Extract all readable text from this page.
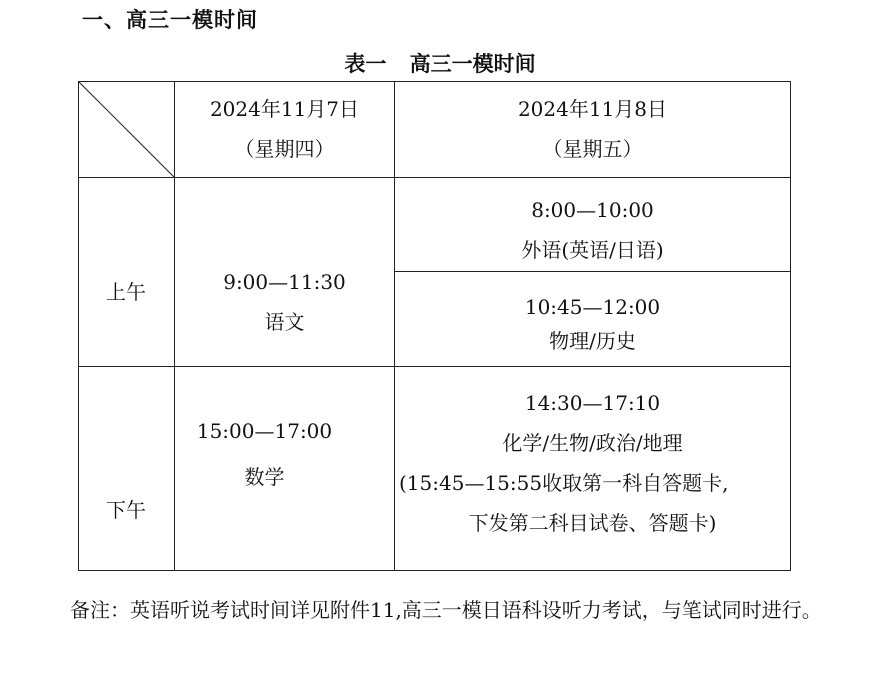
一、高三一模时间
表一 高三一模时间
2024年11月7日
（星期四）
2024年11月8日
（星期五）
上午
下午
9:00—11:30
语文
15:00—17:00
数学
8:00—10:00
外语(英语/日语)
10:45—12:00
物理/历史
14:30—17:10
化学/生物/政治/地理
(15:45—15:55收取第一科自答题卡,
下发第二科目试卷、答题卡)
备注：英语听说考试时间详见附件11,高三一模日语科设听力考试，与笔试同时进行。
